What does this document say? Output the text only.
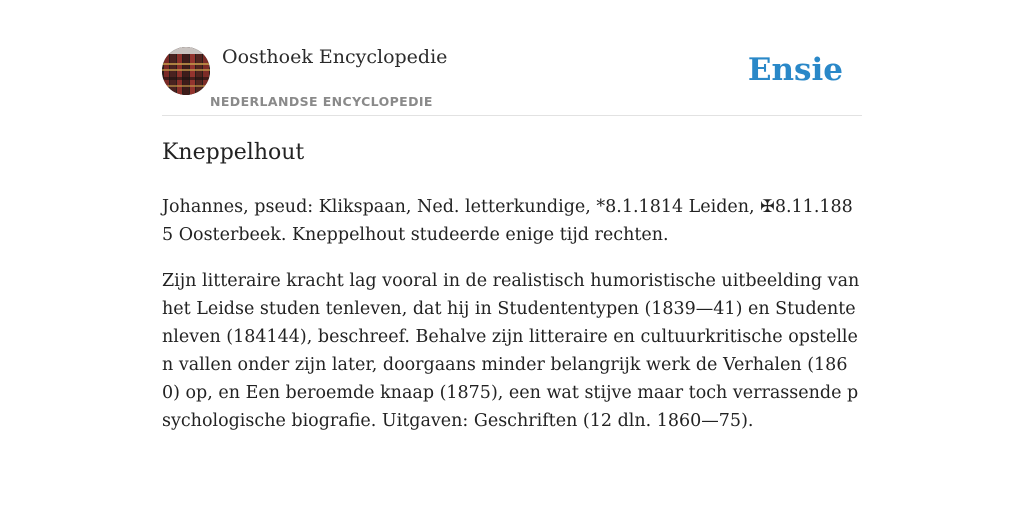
Oosthoek Encyclopedie
NEDERLANDSE ENCYCLOPEDIE
Ensie
Kneppelhout

Johannes, pseud: Klikspaan, Ned. letterkundige, *8.1.1814 Leiden, ✠8.11.1885 Oosterbeek. Kneppelhout studeerde enige tijd rechten.

Zijn litteraire kracht lag vooral in de realistisch humoristische uitbeelding van het Leidse studen tenleven, dat hij in Studententypen (1839—41) en Studentenleven (184144), beschreef. Behalve zijn litteraire en cultuurkritische opstellen vallen onder zijn later, doorgaans minder belangrijk werk de Verhalen (1860) op, en Een beroemde knaap (1875), een wat stijve maar toch verrassende psychologische biografie. Uitgaven: Geschriften (12 dln. 1860—75).
